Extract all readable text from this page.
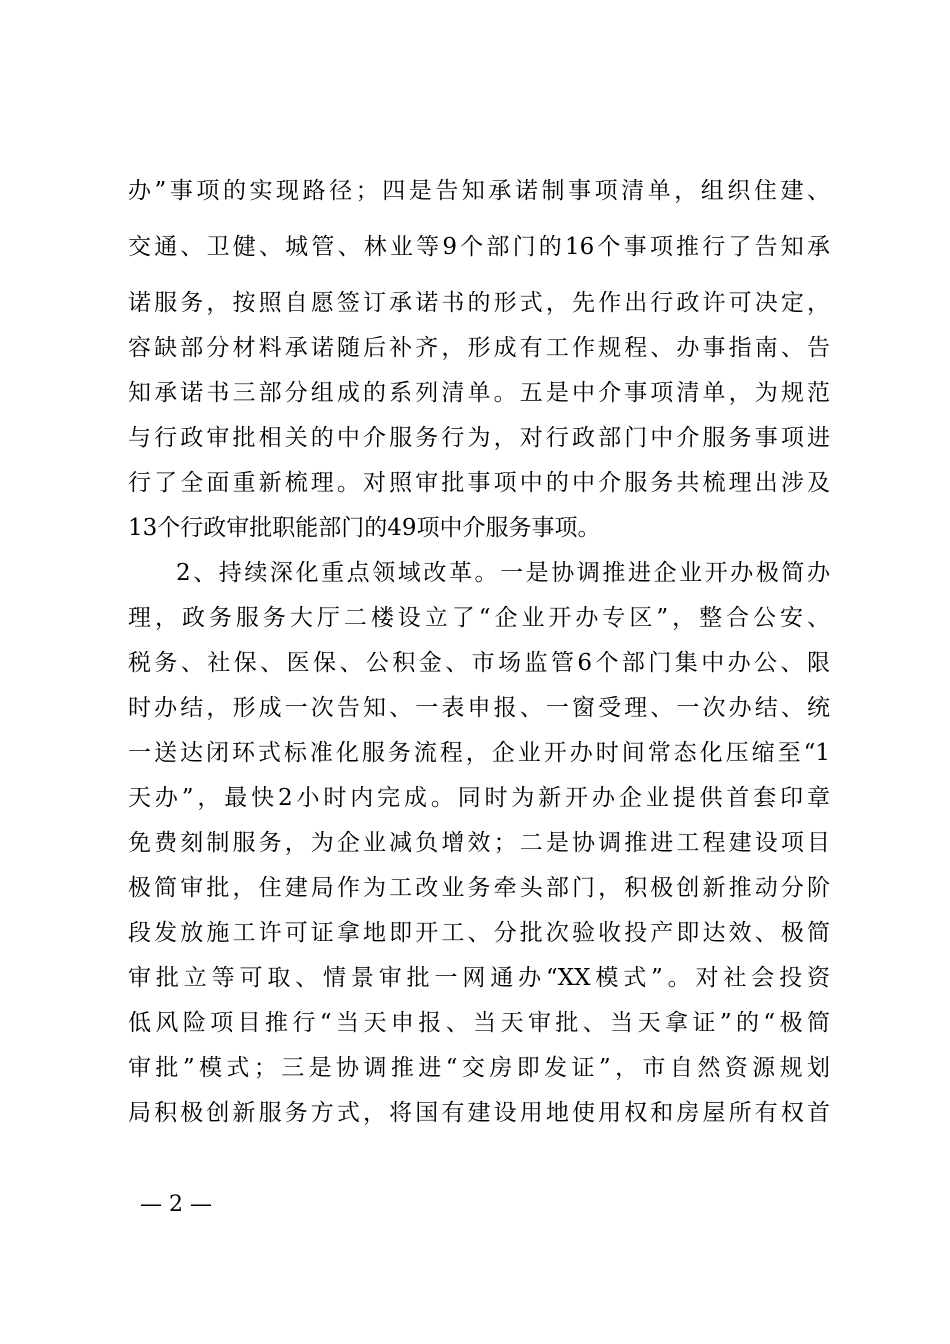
办”事项的实现路径；四是告知承诺制事项清单，组织住建、
交通、卫健、城管、林业等9个部门的16个事项推行了告知承
诺服务，按照自愿签订承诺书的形式，先作出行政许可决定，
容缺部分材料承诺随后补齐，形成有工作规程、办事指南、告
知承诺书三部分组成的系列清单。五是中介事项清单，为规范
与行政审批相关的中介服务行为，对行政部门中介服务事项进
行了全面重新梳理。对照审批事项中的中介服务共梳理出涉及
13个行政审批职能部门的49项中介服务事项。
2、持续深化重点领域改革。一是协调推进企业开办极简办
理，政务服务大厅二楼设立了“企业开办专区”，整合公安、
税务、社保、医保、公积金、市场监管6个部门集中办公、限
时办结，形成一次告知、一表申报、一窗受理、一次办结、统
一送达闭环式标准化服务流程，企业开办时间常态化压缩至“1
天办”，最快2小时内完成。同时为新开办企业提供首套印章
免费刻制服务，为企业减负增效；二是协调推进工程建设项目
极简审批，住建局作为工改业务牵头部门，积极创新推动分阶
段发放施工许可证拿地即开工、分批次验收投产即达效、极简
审批立等可取、情景审批一网通办“XX模式”。对社会投资
低风险项目推行“当天申报、当天审批、当天拿证”的“极简
审批”模式；三是协调推进“交房即发证”，市自然资源规划
局积极创新服务方式，将国有建设用地使用权和房屋所有权首
— 2 —
